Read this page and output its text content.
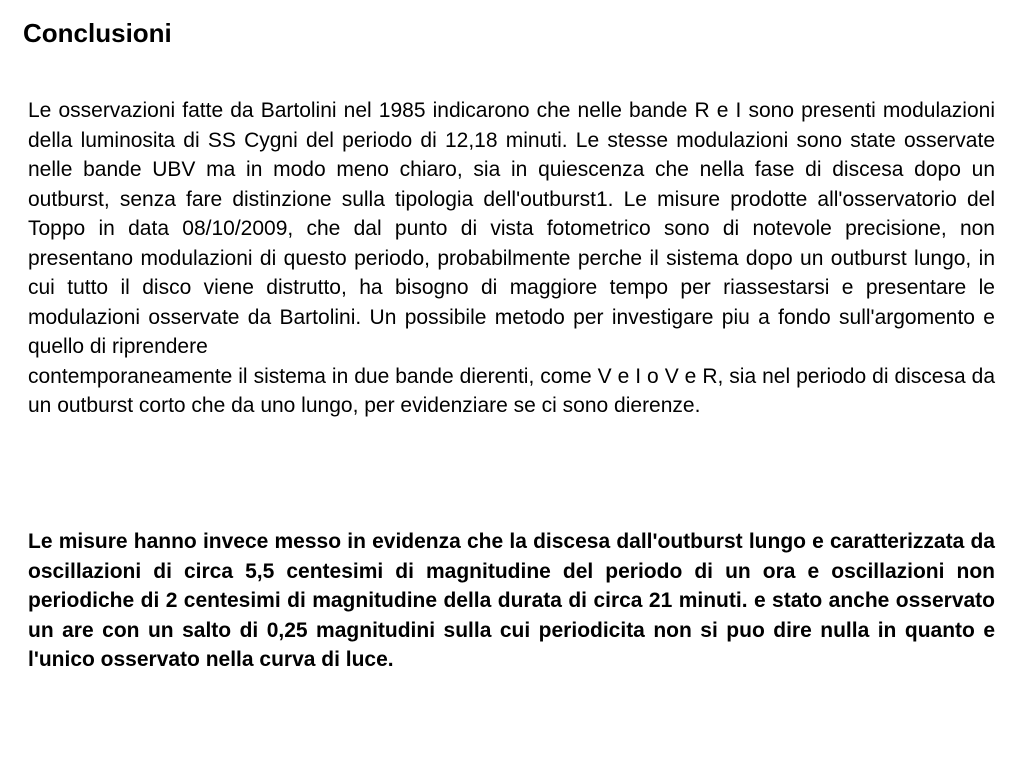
Conclusioni

Le osservazioni fatte da Bartolini nel 1985 indicarono che nelle bande R e I sono presenti modulazioni della luminosita di SS Cygni del periodo di 12,18 minuti. Le stesse modulazioni sono state osservate nelle bande UBV ma in modo meno chiaro, sia in quiescenza che nella fase di discesa dopo un outburst, senza fare distinzione sulla tipologia dell'outburst1. Le misure prodotte all'osservatorio del Toppo in data 08/10/2009, che dal punto di vista fotometrico sono di notevole precisione, non presentano modulazioni di questo periodo, probabilmente perche il sistema dopo un outburst lungo, in cui tutto il disco viene distrutto, ha bisogno di maggiore tempo per riassestarsi e presentare le modulazioni osservate da Bartolini. Un possibile metodo per investigare piu a fondo sull'argomento e quello di riprendere
contemporaneamente il sistema in due bande dierenti, come V e I o V e R, sia nel periodo di discesa da un outburst corto che da uno lungo, per evidenziare se ci sono dierenze.

Le misure hanno invece messo in evidenza che la discesa dall'outburst lungo e caratterizzata da oscillazioni di circa 5,5 centesimi di magnitudine del periodo di un ora e oscillazioni non periodiche di 2 centesimi di magnitudine della durata di circa 21 minuti. e stato anche osservato un are con un salto di 0,25 magnitudini sulla cui periodicita non si puo dire nulla in quanto e l'unico osservato nella curva di luce.
